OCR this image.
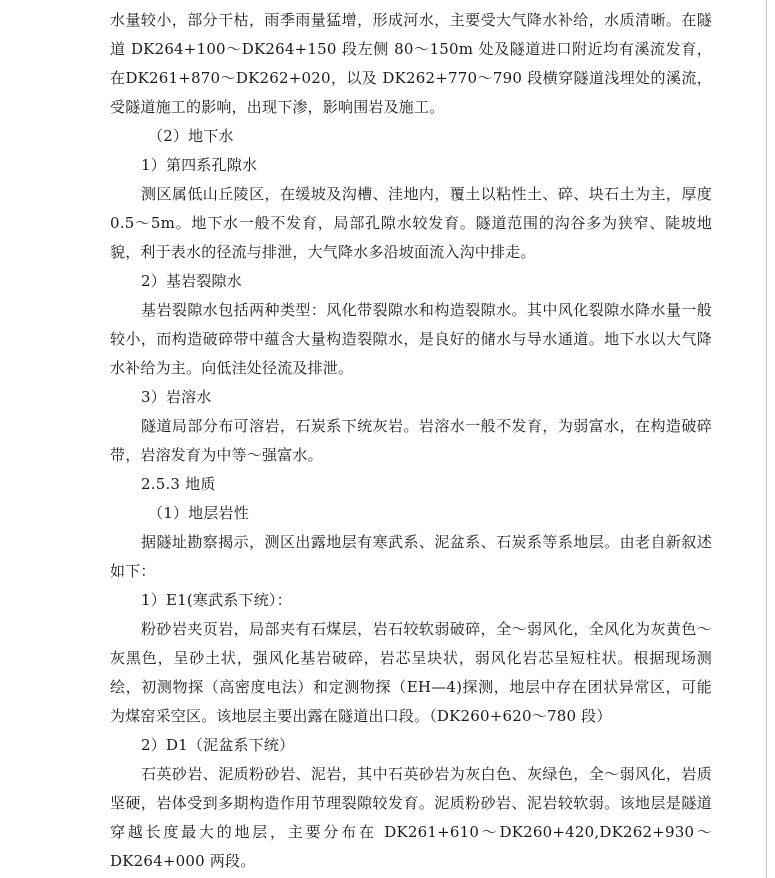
水量较小，部分干枯，雨季雨量猛增，形成河水，主要受大气降水补给，水质清晰。在隧道 DK264+100～DK264+150 段左侧 80～150m 处及隧道进口附近均有溪流发育，在DK261+870～DK262+020，以及 DK262+770～790 段横穿隧道浅埋处的溪流，受隧道施工的影响，出现下渗，影响围岩及施工。

（2）地下水

1）第四系孔隙水

测区属低山丘陵区，在缓坡及沟槽、洼地内，覆土以粘性土、碎、块石土为主，厚度 0.5～5m。地下水一般不发育，局部孔隙水较发育。隧道范围的沟谷多为狭窄、陡坡地貌，利于表水的径流与排泄，大气降水多沿坡面流入沟中排走。

2）基岩裂隙水

基岩裂隙水包括两种类型：风化带裂隙水和构造裂隙水。其中风化裂隙水降水量一般较小，而构造破碎带中蕴含大量构造裂隙水，是良好的储水与导水通道。地下水以大气降水补给为主。向低洼处径流及排泄。

3）岩溶水

隧道局部分布可溶岩，石炭系下统灰岩。岩溶水一般不发育，为弱富水，在构造破碎带，岩溶发育为中等～强富水。

2.5.3 地质

（1）地层岩性

据隧址勘察揭示，测区出露地层有寒武系、泥盆系、石炭系等系地层。由老自新叙述如下：

1）E1(寒武系下统）：

粉砂岩夹页岩，局部夹有石煤层，岩石较软弱破碎，全～弱风化，全风化为灰黄色～灰黑色，呈砂土状，强风化基岩破碎，岩芯呈块状，弱风化岩芯呈短柱状。根据现场测绘，初测物探（高密度电法）和定测物探（EH—4)探测，地层中存在团状异常区，可能为煤窑采空区。该地层主要出露在隧道出口段。（DK260+620～780 段）

2）D1（泥盆系下统）

石英砂岩、泥质粉砂岩、泥岩，其中石英砂岩为灰白色、灰绿色，全～弱风化，岩质坚硬，岩体受到多期构造作用节理裂隙较发育。泥质粉砂岩、泥岩较软弱。该地层是隧道穿越长度最大的地层，主要分布在 DK261+610～DK260+420,DK262+930～DK264+000 两段。
